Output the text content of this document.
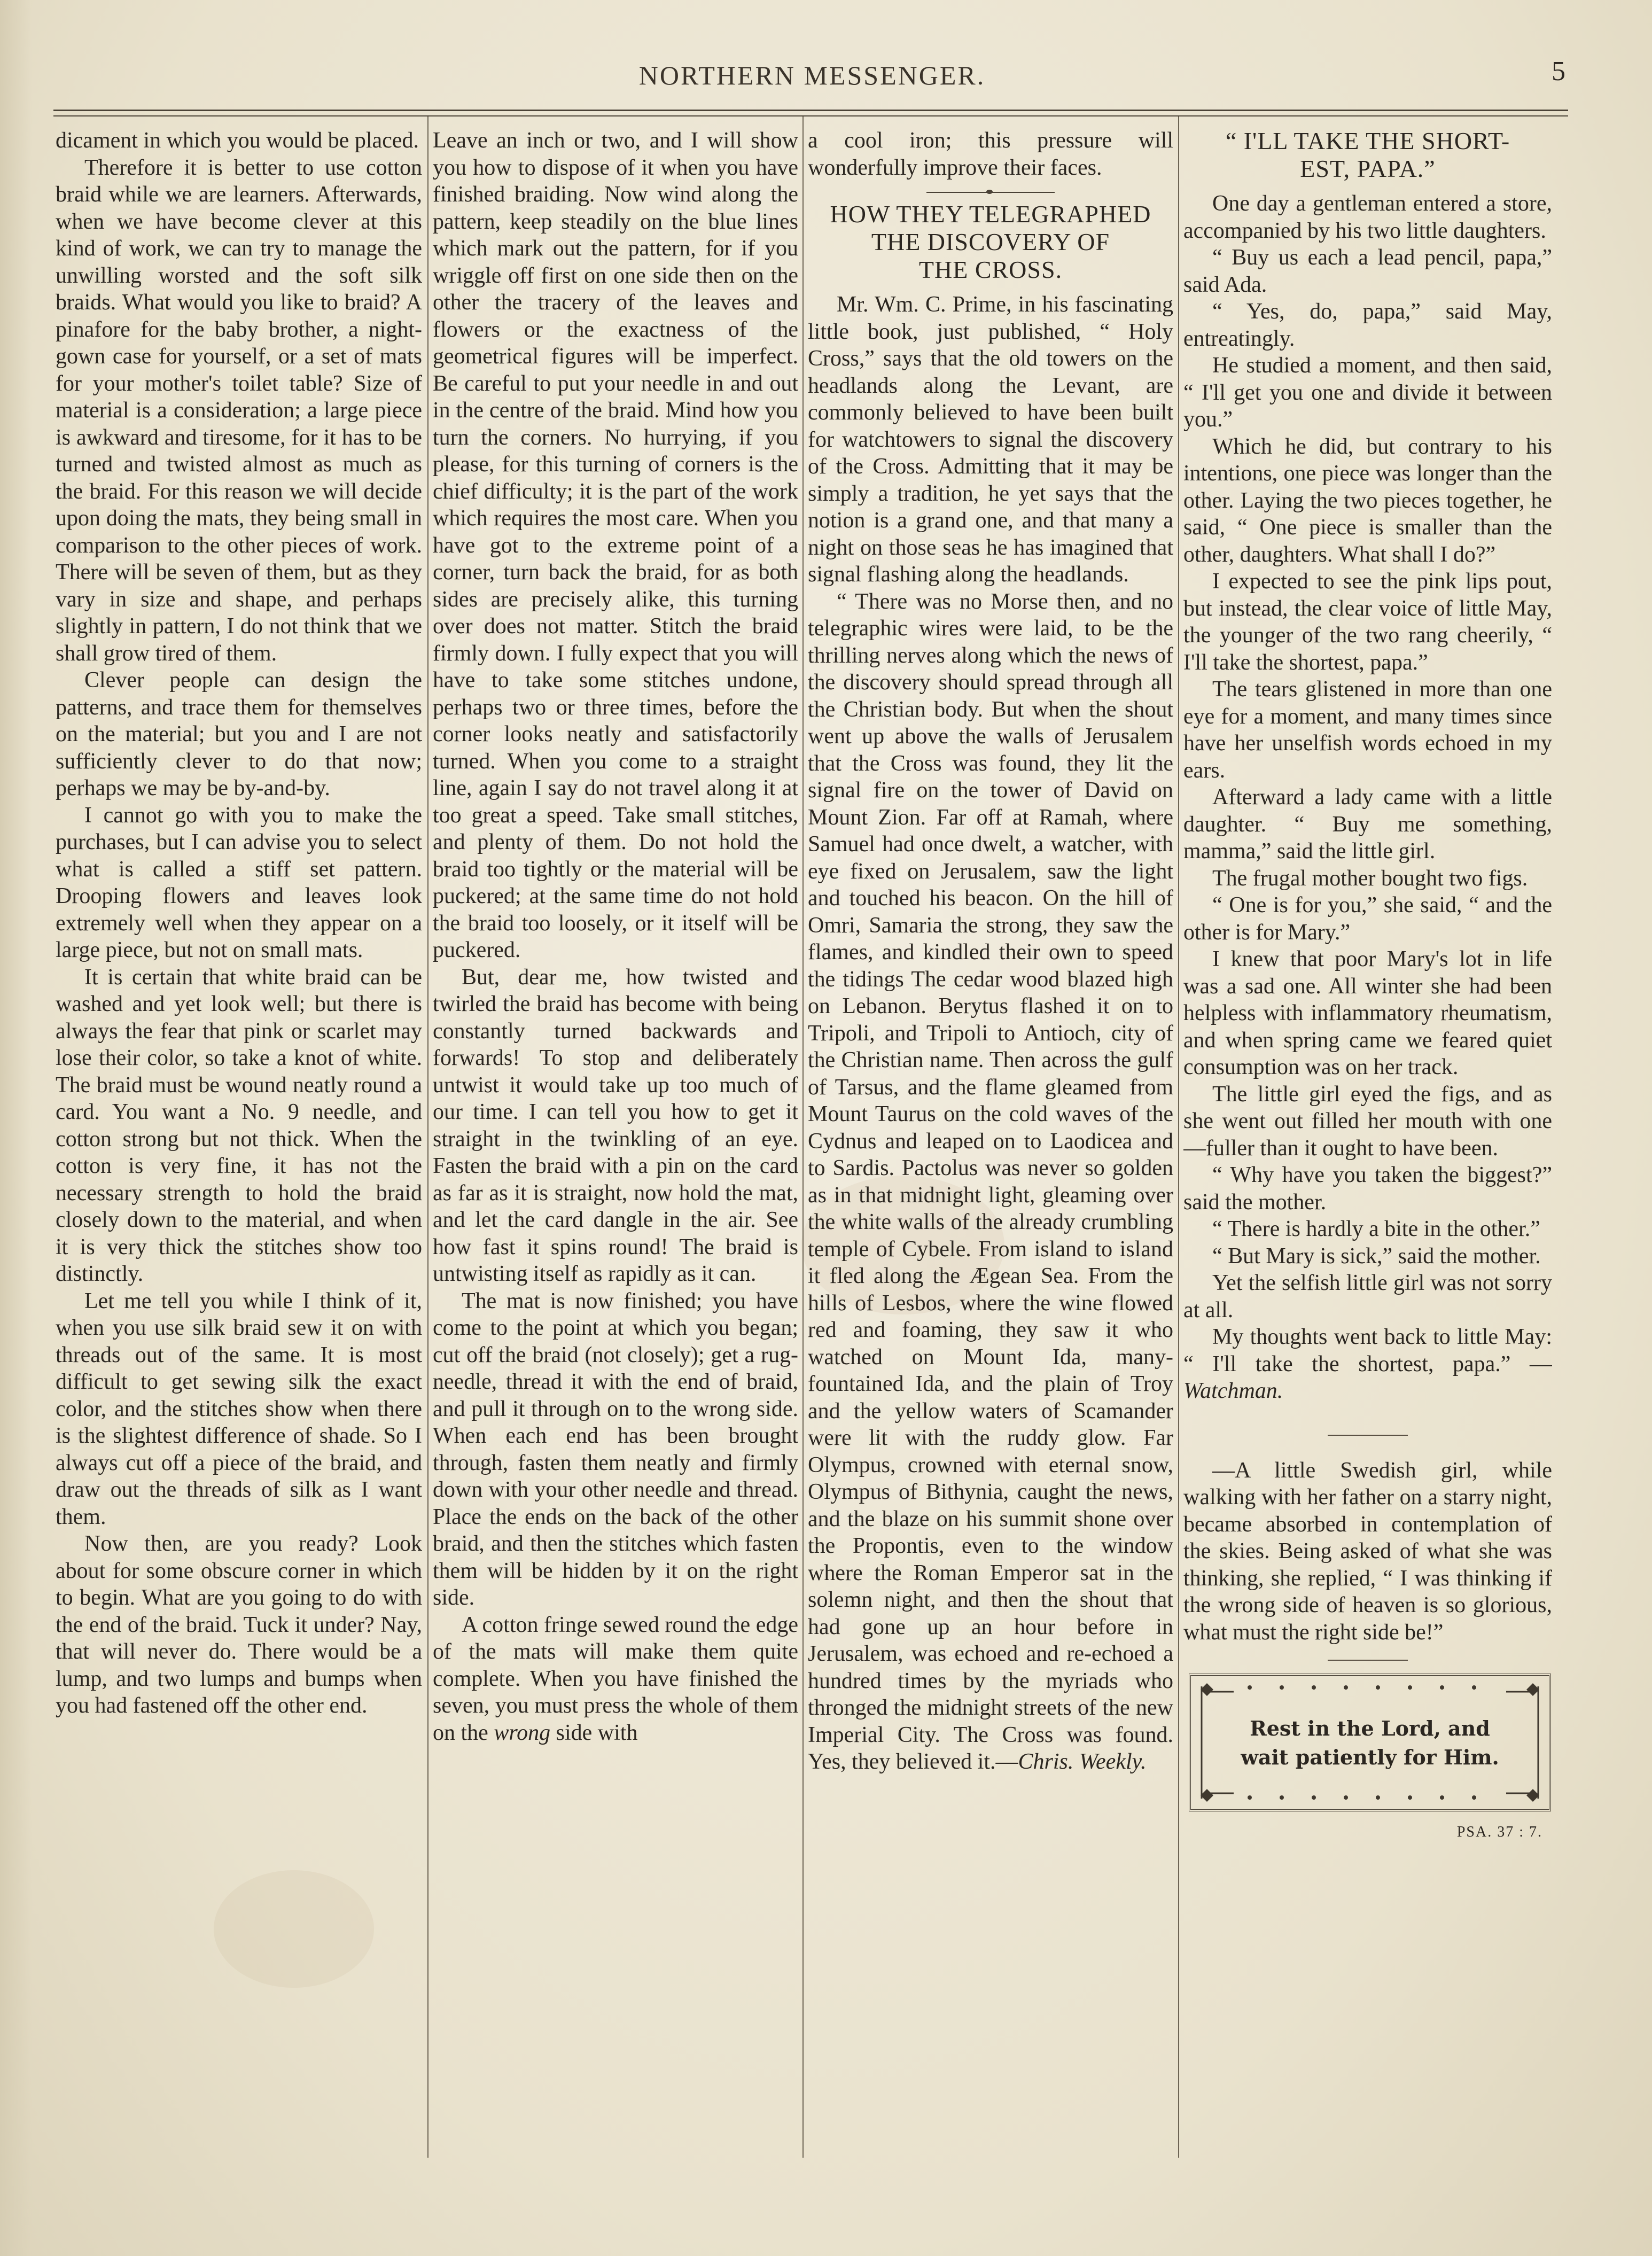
NORTHERN MESSENGER.	5

dicament in which you would be placed.

Therefore it is better to use cotton braid while we are learners. Afterwards, when we have become clever at this kind of work, we can try to manage the unwilling worsted and the soft silk braids. What would you like to braid? A pinafore for the baby brother, a night-gown case for yourself, or a set of mats for your mother's toilet table? Size of material is a consideration; a large piece is awkward and tiresome, for it has to be turned and twisted almost as much as the braid. For this reason we will decide upon doing the mats, they being small in comparison to the other pieces of work. There will be seven of them, but as they vary in size and shape, and perhaps slightly in pattern, I do not think that we shall grow tired of them.

Clever people can design the patterns, and trace them for themselves on the material; but you and I are not sufficiently clever to do that now; perhaps we may be by-and-by.

I cannot go with you to make the purchases, but I can advise you to select what is called a stiff set pattern. Drooping flowers and leaves look extremely well when they appear on a large piece, but not on small mats.

It is certain that white braid can be washed and yet look well; but there is always the fear that pink or scarlet may lose their color, so take a knot of white. The braid must be wound neatly round a card. You want a No. 9 needle, and cotton strong but not thick. When the cotton is very fine, it has not the necessary strength to hold the braid closely down to the material, and when it is very thick the stitches show too distinctly.

Let me tell you while I think of it, when you use silk braid sew it on with threads out of the same. It is most difficult to get sewing silk the exact color, and the stitches show when there is the slightest difference of shade. So I always cut off a piece of the braid, and draw out the threads of silk as I want them.

Now then, are you ready? Look about for some obscure corner in which to begin. What are you going to do with the end of the braid. Tuck it under? Nay, that will never do. There would be a lump, and two lumps and bumps when you had fastened off the other end.

Leave an inch or two, and I will show you how to dispose of it when you have finished braiding. Now wind along the pattern, keep steadily on the blue lines which mark out the pattern, for if you wriggle off first on one side then on the other the tracery of the leaves and flowers or the exactness of the geometrical figures will be imperfect. Be careful to put your needle in and out in the centre of the braid. Mind how you turn the corners. No hurrying, if you please, for this turning of corners is the chief difficulty; it is the part of the work which requires the most care. When you have got to the extreme point of a corner, turn back the braid, for as both sides are precisely alike, this turning over does not matter. Stitch the braid firmly down. I fully expect that you will have to take some stitches undone, perhaps two or three times, before the corner looks neatly and satisfactorily turned. When you come to a straight line, again I say do not travel along it at too great a speed. Take small stitches, and plenty of them. Do not hold the braid too tightly or the material will be puckered; at the same time do not hold the braid too loosely, or it itself will be puckered.

But, dear me, how twisted and twirled the braid has become with being constantly turned backwards and forwards! To stop and deliberately untwist it would take up too much of our time. I can tell you how to get it straight in the twinkling of an eye. Fasten the braid with a pin on the card as far as it is straight, now hold the mat, and let the card dangle in the air. See how fast it spins round! The braid is untwisting itself as rapidly as it can.

The mat is now finished; you have come to the point at which you began; cut off the braid (not closely); get a rug-needle, thread it with the end of braid, and pull it through on to the wrong side. When each end has been brought through, fasten them neatly and firmly down with your other needle and thread. Place the ends on the back of the other braid, and then the stitches which fasten them will be hidden by it on the right side.

A cotton fringe sewed round the edge of the mats will make them quite complete. When you have finished the seven, you must press the whole of them on the wrong side with

a cool iron; this pressure will wonderfully improve their faces.

HOW THEY TELEGRAPHED
THE DISCOVERY OF
THE CROSS.

Mr. Wm. C. Prime, in his fascinating little book, just published, “ Holy Cross,” says that the old towers on the headlands along the Levant, are commonly believed to have been built for watchtowers to signal the discovery of the Cross. Admitting that it may be simply a tradition, he yet says that the notion is a grand one, and that many a night on those seas he has imagined that signal flashing along the headlands.

“ There was no Morse then, and no telegraphic wires were laid, to be the thrilling nerves along which the news of the discovery should spread through all the Christian body. But when the shout went up above the walls of Jerusalem that the Cross was found, they lit the signal fire on the tower of David on Mount Zion. Far off at Ramah, where Samuel had once dwelt, a watcher, with eye fixed on Jerusalem, saw the light and touched his beacon. On the hill of Omri, Samaria the strong, they saw the flames, and kindled their own to speed the tidings The cedar wood blazed high on Lebanon. Berytus flashed it on to Tripoli, and Tripoli to Antioch, city of the Christian name. Then across the gulf of Tarsus, and the flame gleamed from Mount Taurus on the cold waves of the Cydnus and leaped on to Laodicea and to Sardis. Pactolus was never so golden as in that midnight light, gleaming over the white walls of the already crumbling temple of Cybele. From island to island it fled along the Ægean Sea. From the hills of Lesbos, where the wine flowed red and foaming, they saw it who watched on Mount Ida, many-fountained Ida, and the plain of Troy and the yellow waters of Scamander were lit with the ruddy glow. Far Olympus, crowned with eternal snow, Olympus of Bithynia, caught the news, and the blaze on his summit shone over the Propontis, even to the window where the Roman Emperor sat in the solemn night, and then the shout that had gone up an hour before in Jerusalem, was echoed and re-echoed a hundred times by the myriads who thronged the midnight streets of the new Imperial City. The Cross was found. Yes, they believed it.—Chris. Weekly.

“ I'LL TAKE THE SHORT-
EST, PAPA.”

One day a gentleman entered a store, accompanied by his two little daughters.

“ Buy us each a lead pencil, papa,” said Ada.

“ Yes, do, papa,” said May, entreatingly.

He studied a moment, and then said, “ I'll get you one and divide it between you.”

Which he did, but contrary to his intentions, one piece was longer than the other. Laying the two pieces together, he said, “ One piece is smaller than the other, daughters. What shall I do?”

I expected to see the pink lips pout, but instead, the clear voice of little May, the younger of the two rang cheerily, “ I'll take the shortest, papa.”

The tears glistened in more than one eye for a moment, and many times since have her unselfish words echoed in my ears.

Afterward a lady came with a little daughter. “ Buy me something, mamma,” said the little girl.

The frugal mother bought two figs.

“ One is for you,” she said, “ and the other is for Mary.”

I knew that poor Mary's lot in life was a sad one. All winter she had been helpless with inflammatory rheumatism, and when spring came we feared quiet consumption was on her track.

The little girl eyed the figs, and as she went out filled her mouth with one—fuller than it ought to have been.

“ Why have you taken the biggest?” said the mother.

“ There is hardly a bite in the other.”

“ But Mary is sick,” said the mother.

Yet the selfish little girl was not sorry at all.

My thoughts went back to little May: “ I'll take the shortest, papa.” —Watchman.

—A little Swedish girl, while walking with her father on a starry night, became absorbed in contemplation of the skies. Being asked of what she was thinking, she replied, “ I was thinking if the wrong side of heaven is so glorious, what must the right side be!”

Rest in the Lord, and
wait patiently for Him.
PSA. 37 : 7.
